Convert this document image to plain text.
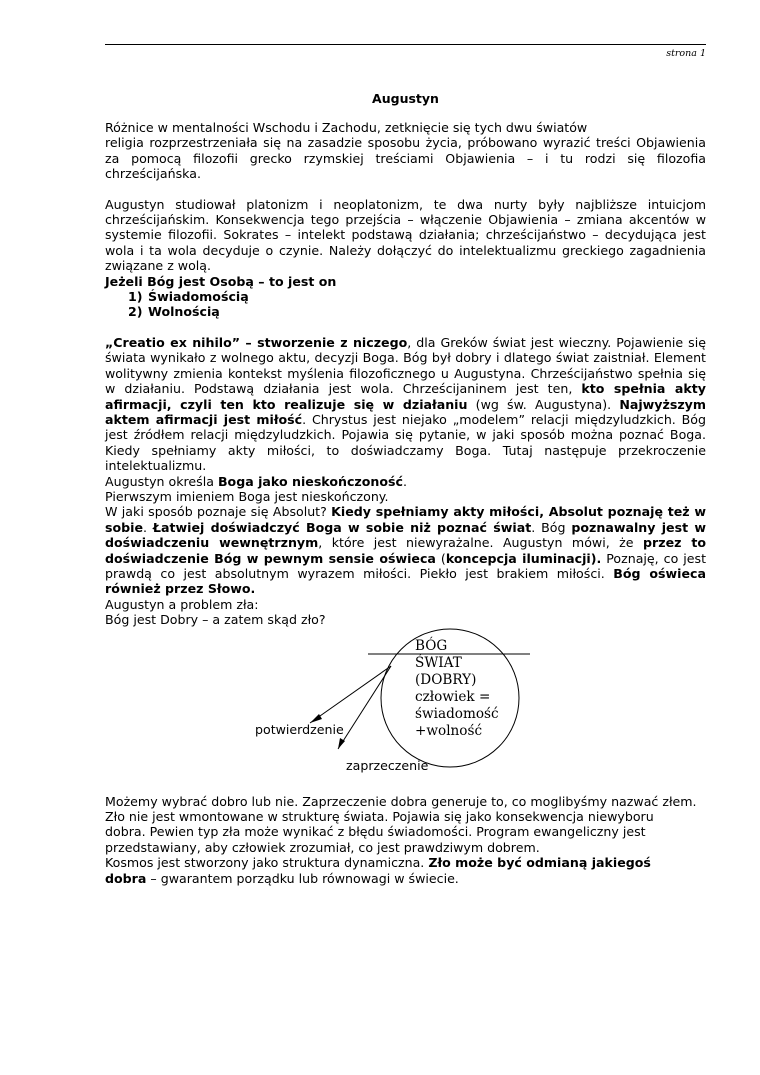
strona 1
Augustyn

Różnice w mentalności Wschodu i Zachodu, zetknięcie się tych dwu światów

religia rozprzestrzeniała się na zasadzie sposobu życia, próbowano wyrazić treści Objawienia za pomocą filozofii grecko rzymskiej treściami Objawienia – i tu rodzi się filozofia chrześcijańska.

Augustyn studiował platonizm i neoplatonizm, te dwa nurty były najbliższe intuicjom chrześcijańskim. Konsekwencja tego przejścia – włączenie Objawienia – zmiana akcentów w systemie filozofii. Sokrates – intelekt podstawą działania; chrześcijaństwo – decydująca jest wola i ta wola decyduje o czynie. Należy dołączyć do intelektualizmu greckiego zagadnienia związane z wolą.

Jeżeli Bóg jest Osobą – to jest on

1) Świadomością
2) Wolnością

„Creatio ex nihilo” – stworzenie z niczego, dla Greków świat jest wieczny. Pojawienie się świata wynikało z wolnego aktu, decyzji Boga. Bóg był dobry i dlatego świat zaistniał. Element wolitywny zmienia kontekst myślenia filozoficznego u Augustyna. Chrześcijaństwo spełnia się w działaniu. Podstawą działania jest wola. Chrześcijaninem jest ten, kto spełnia akty afirmacji, czyli ten kto realizuje się w działaniu (wg św. Augustyna). Najwyższym aktem afirmacji jest miłość. Chrystus jest niejako „modelem” relacji międzyludzkich. Bóg jest źródłem relacji międzyludzkich. Pojawia się pytanie, w jaki sposób można poznać Boga. Kiedy spełniamy akty miłości, to doświadczamy Boga. Tutaj następuje przekroczenie intelektualizmu.

Augustyn określa Boga jako nieskończoność.

Pierwszym imieniem Boga jest nieskończony.

W jaki sposób poznaje się Absolut? Kiedy spełniamy akty miłości, Absolut poznaję też w sobie. Łatwiej doświadczyć Boga w sobie niż poznać świat. Bóg poznawalny jest w doświadczeniu wewnętrznym, które jest niewyrażalne. Augustyn mówi, że przez to doświadczenie Bóg w pewnym sensie oświeca (koncepcja iluminacji). Poznaję, co jest prawdą co jest absolutnym wyrazem miłości. Piekło jest brakiem miłości. Bóg oświeca również przez Słowo.

Augustyn a problem zła:

Bóg jest Dobry – a zatem skąd zło?

BÓG
ŚWIAT
(DOBRY)
człowiek =
świadomość
+wolność
potwierdzenie
zaprzeczenie

Możemy wybrać dobro lub nie. Zaprzeczenie dobra generuje to, co moglibyśmy nazwać złem.

Zło nie jest wmontowane w strukturę świata. Pojawia się jako konsekwencja niewyboru

dobra. Pewien typ zła może wynikać z błędu świadomości. Program ewangeliczny jest

przedstawiany, aby człowiek zrozumiał, co jest prawdziwym dobrem.

Kosmos jest stworzony jako struktura dynamiczna. Zło może być odmianą jakiegoś

dobra – gwarantem porządku lub równowagi w świecie.
